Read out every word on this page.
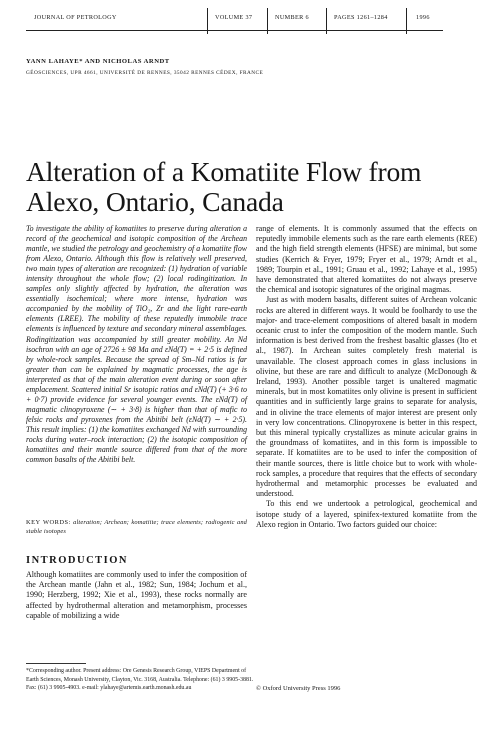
JOURNAL OF PETROLOGY	VOLUME 37	NUMBER 6	PAGES 1261–1284	1996
YANN LAHAYE* AND NICHOLAS ARNDT
GÉOSCIENCES, UPR 4661, UNIVERSITÉ DE RENNES, 35042 RENNES CÉDEX, FRANCE
Alteration of a Komatiite Flow from Alexo, Ontario, Canada

To investigate the ability of komatiites to preserve during alteration a record of the geochemical and isotopic composition of the Archean mantle, we studied the petrology and geochemistry of a komatiite flow from Alexo, Ontario. Although this flow is relatively well preserved, two main types of alteration are recognized: (1) hydration of variable intensity throughout the whole flow; (2) local rodingitization. In samples only slightly affected by hydration, the alteration was essentially isochemical; where more intense, hydration was accompanied by the mobility of TiO₂, Zr and the light rare-earth elements (LREE). The mobility of these reputedly immobile trace elements is influenced by texture and secondary mineral assemblages. Rodingitization was accompanied by still greater mobility. An Nd isochron with an age of 2726 ± 98 Ma and εNd(T) = + 2·5 is defined by whole-rock samples. Because the spread of Sm–Nd ratios is far greater than can be explained by magmatic processes, the age is interpreted as that of the main alteration event during or soon after emplacement. Scattered initial Sr isotopic ratios and εNd(T) (+ 3·6 to + 0·7) provide evidence for several younger events. The εNd(T) of magmatic clinopyroxene (∼ + 3·8) is higher than that of mafic to felsic rocks and pyroxenes from the Abitibi belt (εNd(T) ∼ + 2·5). This result implies: (1) the komatiites exchanged Nd with surrounding rocks during water–rock interaction; (2) the isotopic composition of komatiites and their mantle source differed from that of the more common basalts of the Abitibi belt.

KEY WORDS: alteration; Archean; komatiite; trace elements; radiogenic and stable isotopes
INTRODUCTION

Although komatiites are commonly used to infer the composition of the Archean mantle (Jahn et al., 1982; Sun, 1984; Jochum et al., 1990; Herzberg, 1992; Xie et al., 1993), these rocks normally are affected by hydrothermal alteration and metamorphism, processes capable of mobilizing a wide

range of elements. It is commonly assumed that the effects on reputedly immobile elements such as the rare earth elements (REE) and the high field strength elements (HFSE) are minimal, but some studies (Kerrich & Fryer, 1979; Fryer et al., 1979; Arndt et al., 1989; Tourpin et al., 1991; Gruau et al., 1992; Lahaye et al., 1995) have demonstrated that altered komatiites do not always preserve the chemical and isotopic signatures of the original magmas.

Just as with modern basalts, different suites of Archean volcanic rocks are altered in different ways. It would be foolhardy to use the major- and trace-element compositions of altered basalt in modern oceanic crust to infer the composition of the modern mantle. Such information is best derived from the freshest basaltic glasses (Ito et al., 1987). In Archean suites completely fresh material is unavailable. The closest approach comes in glass inclusions in olivine, but these are rare and difficult to analyze (McDonough & Ireland, 1993). Another possible target is unaltered magmatic minerals, but in most komatiites only olivine is present in sufficient quantities and in sufficiently large grains to separate for analysis, and in olivine the trace elements of major interest are present only in very low concentrations. Clinopyroxene is better in this respect, but this mineral typically crystallizes as minute acicular grains in the groundmass of komatiites, and in this form is impossible to separate. If komatiites are to be used to infer the composition of their mantle sources, there is little choice but to work with whole-rock samples, a procedure that requires that the effects of secondary hydrothermal and metamorphic processes be evaluated and understood.

To this end we undertook a petrological, geochemical and isotope study of a layered, spinifex-textured komatiite from the Alexo region in Ontario. Two factors guided our choice:

*Corresponding author. Present address: Ore Genesis Research Group, VIEPS Department of Earth Sciences, Monash University, Clayton, Vic. 3168, Australia. Telephone: (61) 3 9905-3881. Fax: (61) 3 9905-4903. e-mail: ylahaye@artemis.earth.monash.edu.au	© Oxford University Press 1996
